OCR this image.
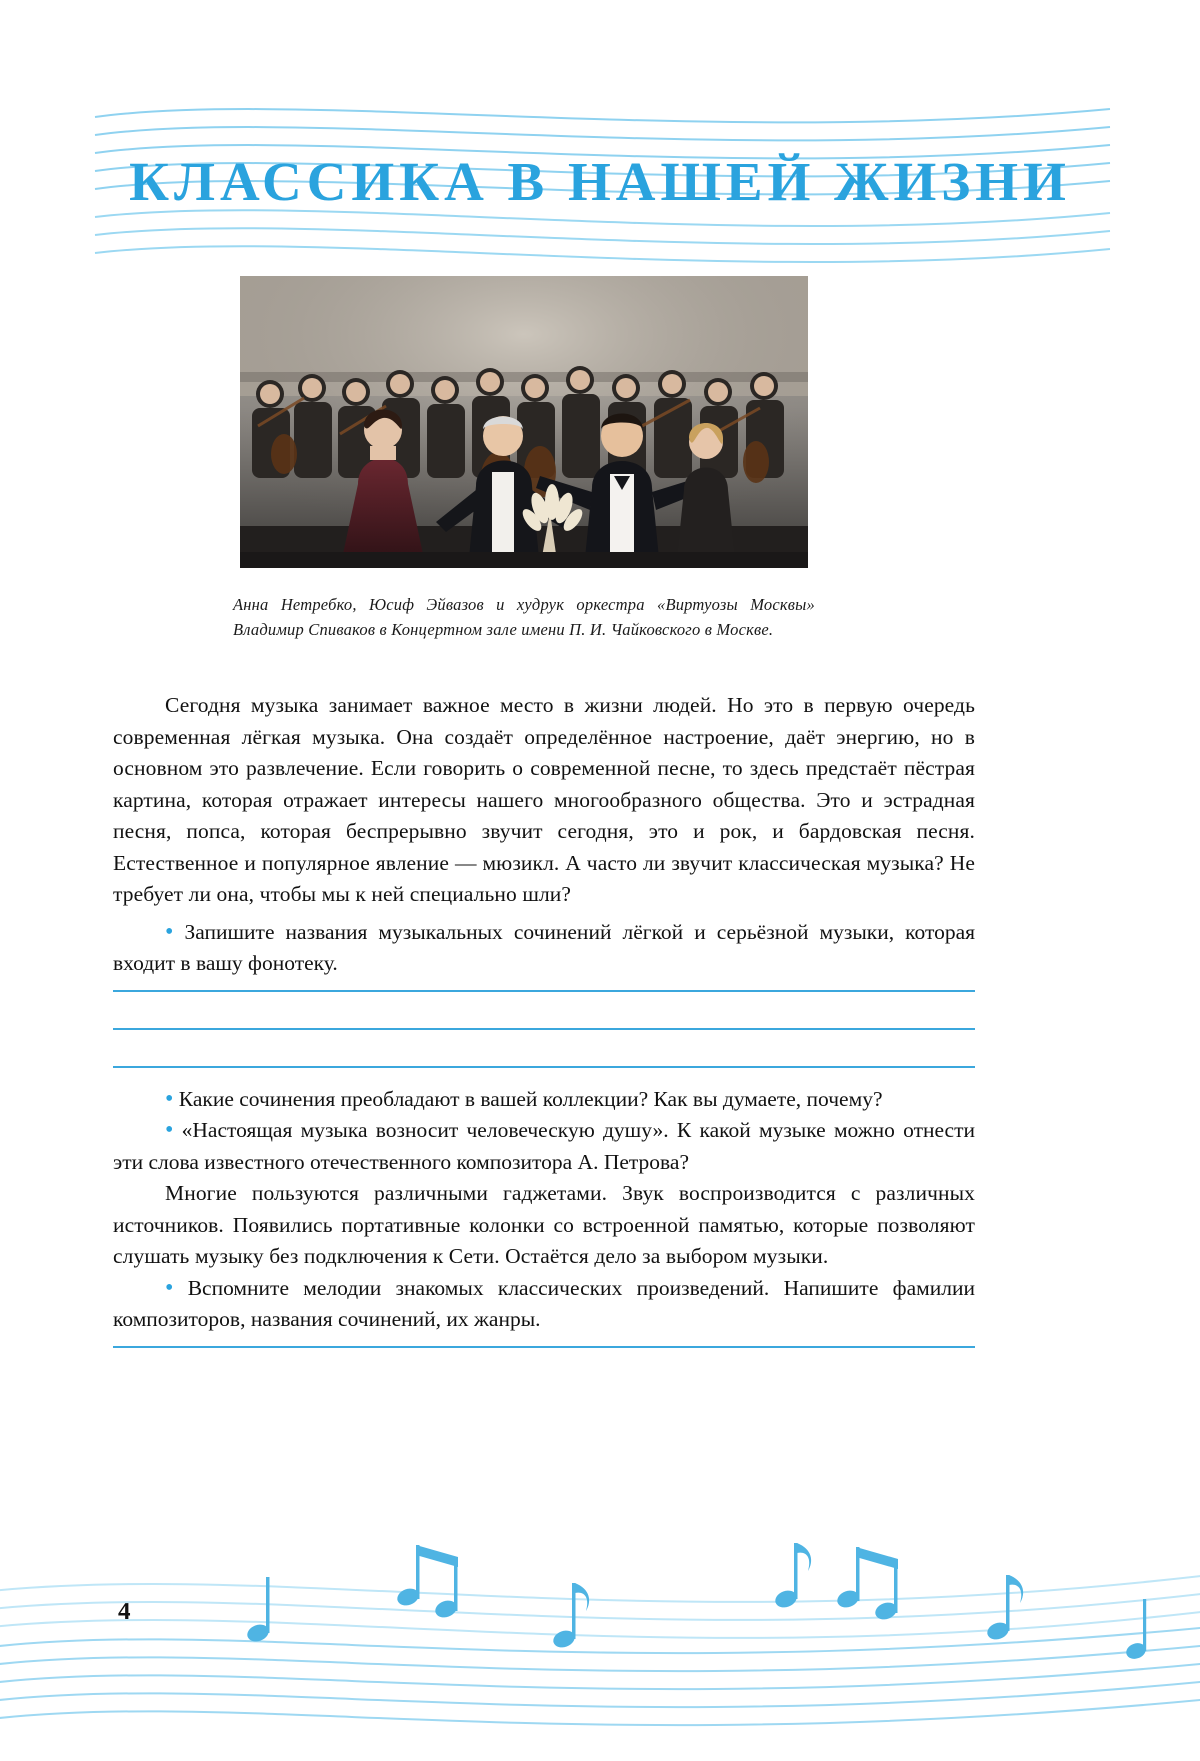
КЛАССИКА В НАШЕЙ ЖИЗНИ
Анна Нетребко, Юсиф Эйвазов и худрук оркестра «Виртуозы Москвы» Владимир Спиваков в Концертном зале имени П. И. Чайковского в Москве.

Сегодня музыка занимает важное место в жизни людей. Но это в первую очередь современная лёгкая музыка. Она создаёт определённое настроение, даёт энергию, но в основном это развлечение. Если говорить о современной песне, то здесь предстаёт пёстрая картина, которая отражает интересы нашего многообразного общества. Это и эстрадная песня, попса, которая беспрерывно звучит сегодня, это и рок, и бардовская песня. Естественное и популярное явление — мюзикл. А часто ли звучит классическая музыка? Не требует ли она, чтобы мы к ней специально шли?

• Запишите названия музыкальных сочинений лёгкой и серьёзной музыки, которая входит в вашу фонотеку.

• Какие сочинения преобладают в вашей коллекции? Как вы думаете, почему?

• «Настоящая музыка возносит человеческую душу». К какой музыке можно отнести эти слова известного отечественного композитора А. Петрова?

Многие пользуются различными гаджетами. Звук воспроизводится с различных источников. Появились портативные колонки со встроенной памятью, которые позволяют слушать музыку без подключения к Сети. Остаётся дело за выбором музыки.

• Вспомните мелодии знакомых классических произведений. Напишите фамилии композиторов, названия сочинений, их жанры.

4
